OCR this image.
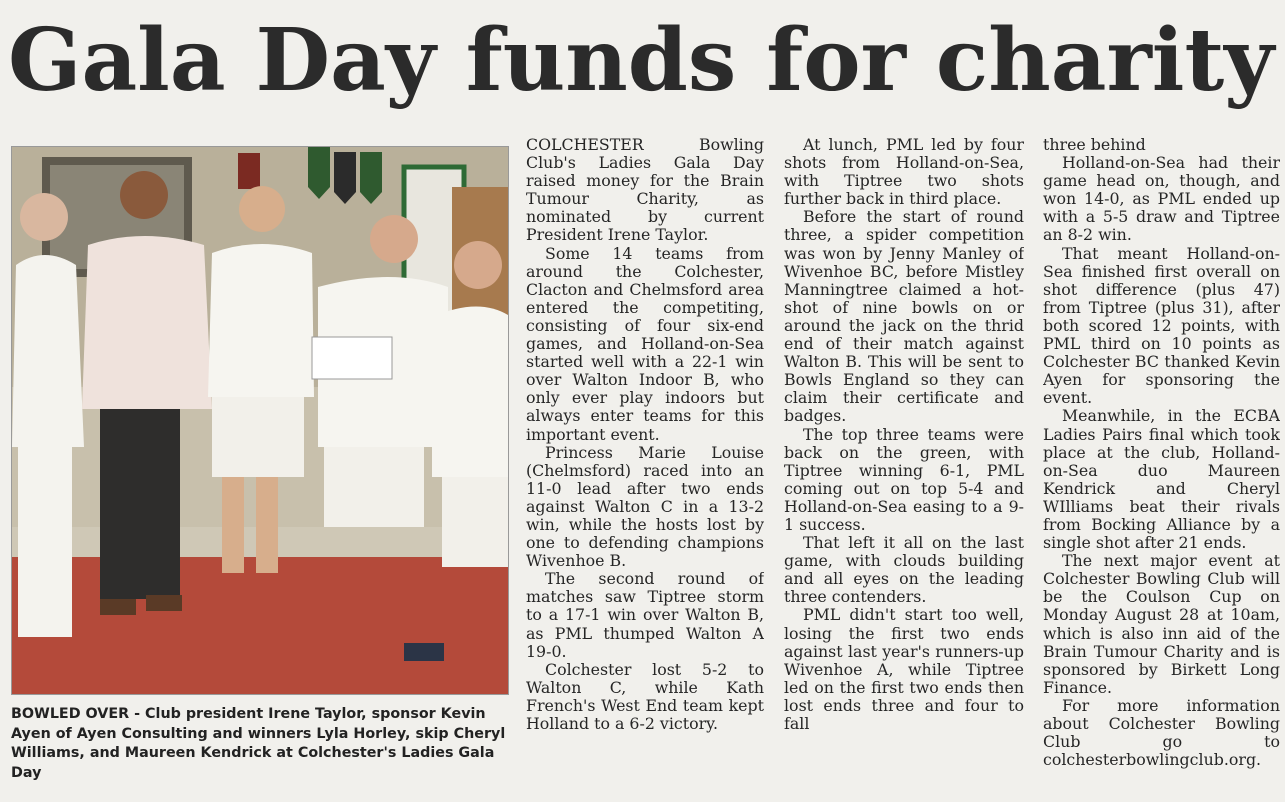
Gala Day funds for charity
BOWLED OVER - Club president Irene Taylor, sponsor Kevin Ayen of Ayen Consulting and winners Lyla Horley, skip Cheryl Williams, and Maureen Kendrick at Colchester's Ladies Gala Day

COLCHESTER Bowling Club's Ladies Gala Day raised money for the Brain Tumour Charity, as nominated by current President Irene Taylor.

Some 14 teams from around the Colchester, Clacton and Chelmsford area entered the competiting, consisting of four six-end games, and Holland-on-Sea started well with a 22-1 win over Walton Indoor B, who only ever play indoors but always enter teams for this important event.

Princess Marie Louise (Chelmsford) raced into an 11-0 lead after two ends against Walton C in a 13-2 win, while the hosts lost by one to defending champions Wivenhoe B.

The second round of matches saw Tiptree storm to a 17-1 win over Walton B, as PML thumped Walton A 19-0.

Colchester lost 5-2 to Walton C, while Kath French's West End team kept Holland to a 6-2 victory.

At lunch, PML led by four shots from Holland-on-Sea, with Tiptree two shots further back in third place.

Before the start of round three, a spider competition was won by Jenny Manley of Wivenhoe BC, before Mistley Manningtree claimed a hot-shot of nine bowls on or around the jack on the thrid end of their match against Walton B. This will be sent to Bowls England so they can claim their certificate and badges.

The top three teams were back on the green, with Tiptree winning 6-1, PML coming out on top 5-4 and Holland-on-Sea easing to a 9-1 success.

That left it all on the last game, with clouds building and all eyes on the leading three contenders.

PML didn't start too well, losing the first two ends against last year's runners-up Wivenhoe A, while Tiptree led on the first two ends then lost ends three and four to fall

three behind

Holland-on-Sea had their game head on, though, and won 14-0, as PML ended up with a 5-5 draw and Tiptree an 8-2 win.

That meant Holland-on-Sea finished first overall on shot difference (plus 47) from Tiptree (plus 31), after both scored 12 points, with PML third on 10 points as Colchester BC thanked Kevin Ayen for sponsoring the event.

Meanwhile, in the ECBA Ladies Pairs final which took place at the club, Holland-on-Sea duo Maureen Kendrick and Cheryl WIlliams beat their rivals from Bocking Alliance by a single shot after 21 ends.

The next major event at Colchester Bowling Club will be the Coulson Cup on Monday August 28 at 10am, which is also inn aid of the Brain Tumour Charity and is sponsored by Birkett Long Finance.

For more information about Colchester Bowling Club go to colchesterbowlingclub.org.
